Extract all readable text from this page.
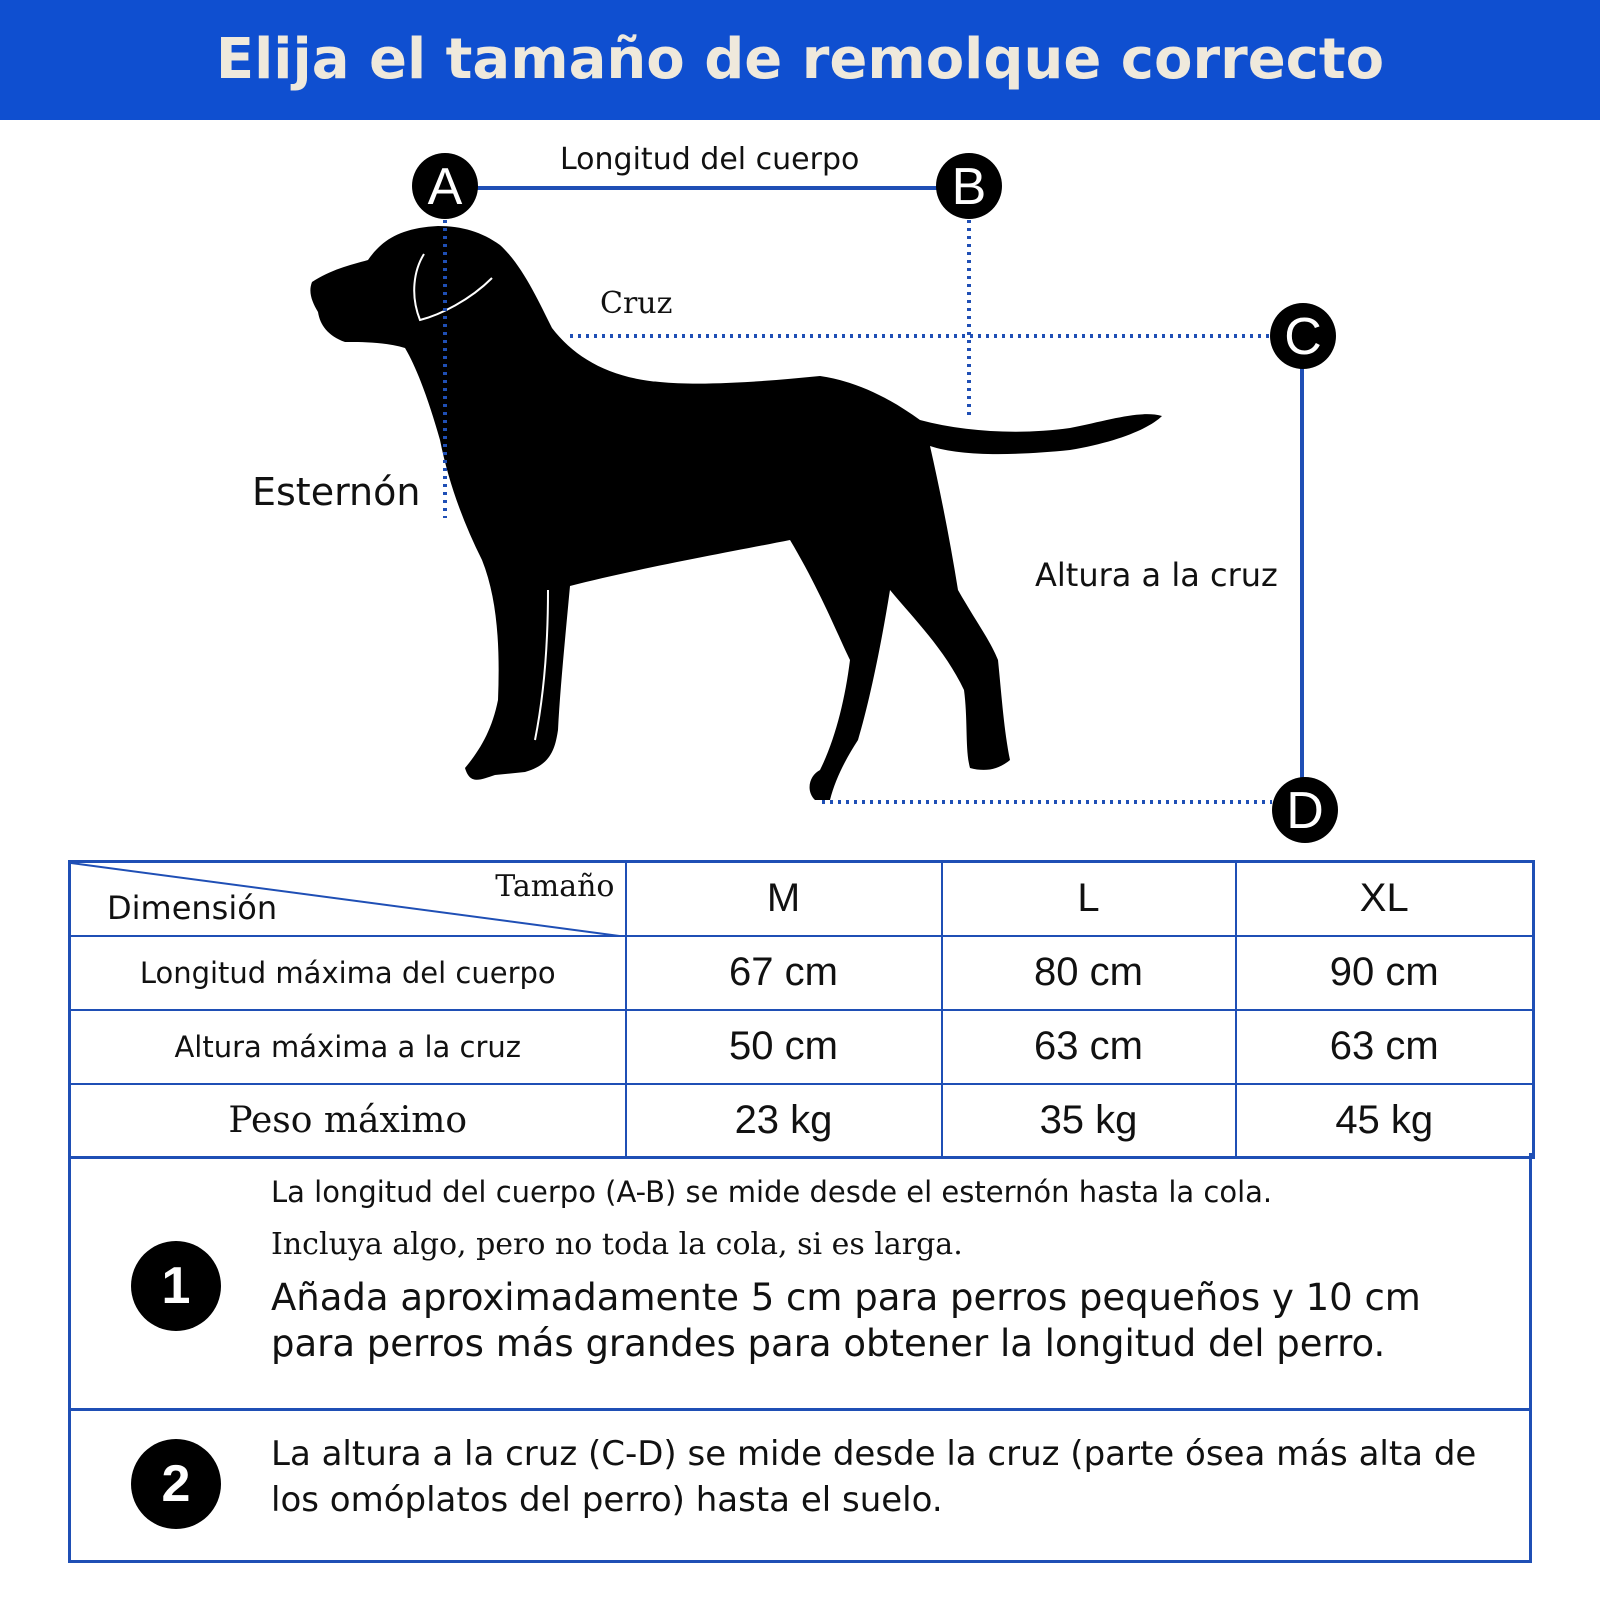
Elija el tamaño de remolque correcto
A	B
C
D
Longitud del cuerpo
Cruz
Esternón
Altura a la cruz
Tamaño
Dimensión	M	L	XL
Longitud máxima del cuerpo	67 cm	80 cm	90 cm
Altura máxima a la cruz	50 cm	63 cm	63 cm
Peso máximo	23 kg	35 kg	45 kg
1
La longitud del cuerpo (A-B) se mide desde el esternón hasta la cola.
Incluya algo, pero no toda la cola, si es larga.
Añada aproximadamente 5 cm para perros pequeños y 10 cm para perros más grandes para obtener la longitud del perro.
2
La altura a la cruz (C-D) se mide desde la cruz (parte ósea más alta de los omóplatos del perro) hasta el suelo.
